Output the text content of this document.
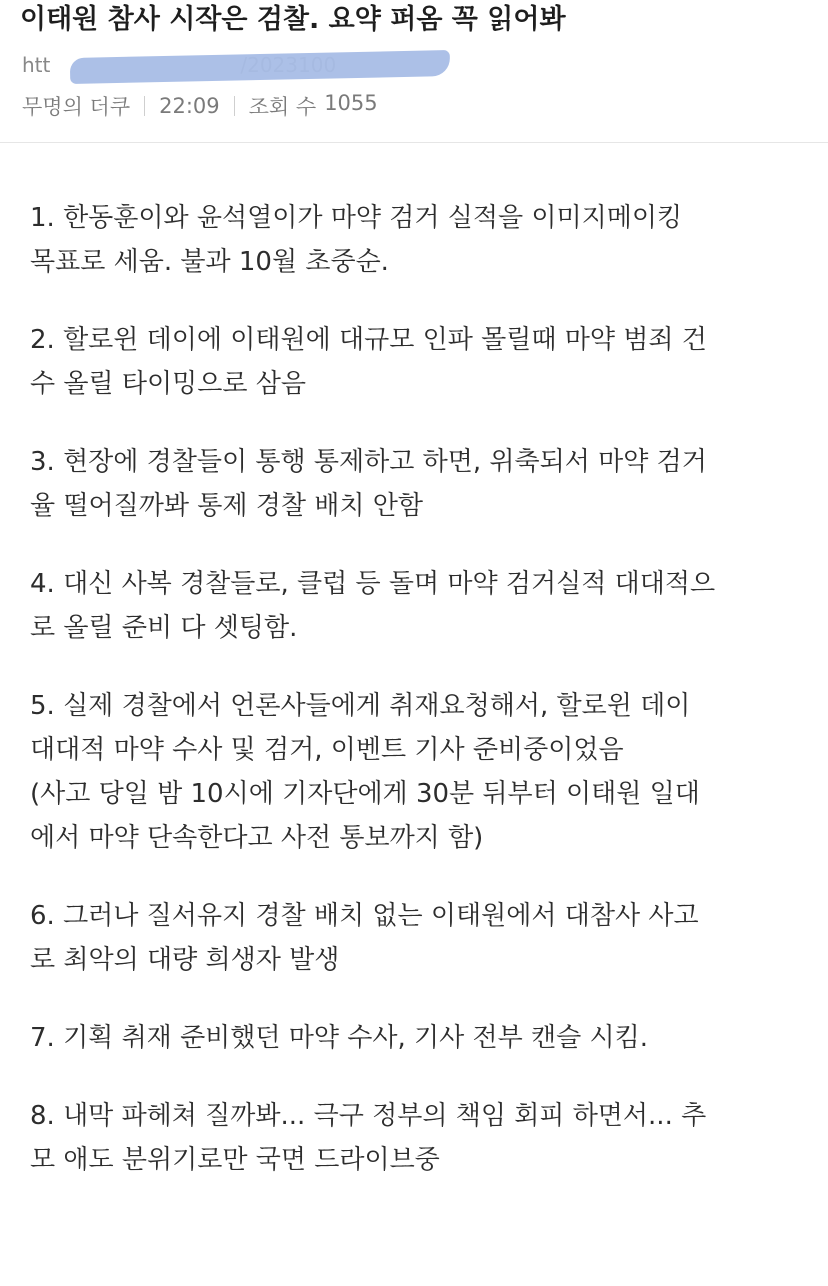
이태원 참사 시작은 검찰. 요약 퍼옴 꼭 읽어봐
htt
무명의 더쿠 22:09 조회 수 1055
1. 한동훈이와 윤석열이가 마약 검거 실적을 이미지메이킹
목표로 세움. 불과 10월 초중순.
2. 할로윈 데이에 이태원에 대규모 인파 몰릴때 마약 범죄 건
수 올릴 타이밍으로 삼음
3. 현장에 경찰들이 통행 통제하고 하면, 위축되서 마약 검거
율 떨어질까봐 통제 경찰 배치 안함
4. 대신 사복 경찰들로, 클럽 등 돌며 마약 검거실적 대대적으
로 올릴 준비 다 셋팅함.
5. 실제 경찰에서 언론사들에게 취재요청해서, 할로윈 데이
대대적 마약 수사 및 검거, 이벤트 기사 준비중이었음
(사고 당일 밤 10시에 기자단에게 30분 뒤부터 이태원 일대
에서 마약 단속한다고 사전 통보까지 함)
6. 그러나 질서유지 경찰 배치 없는 이태원에서 대참사 사고
로 최악의 대량 희생자 발생
7. 기획 취재 준비했던 마약 수사, 기사 전부 캔슬 시킴.
8. 내막 파헤쳐 질까봐... 극구 정부의 책임 회피 하면서... 추
모 애도 분위기로만 국면 드라이브중
